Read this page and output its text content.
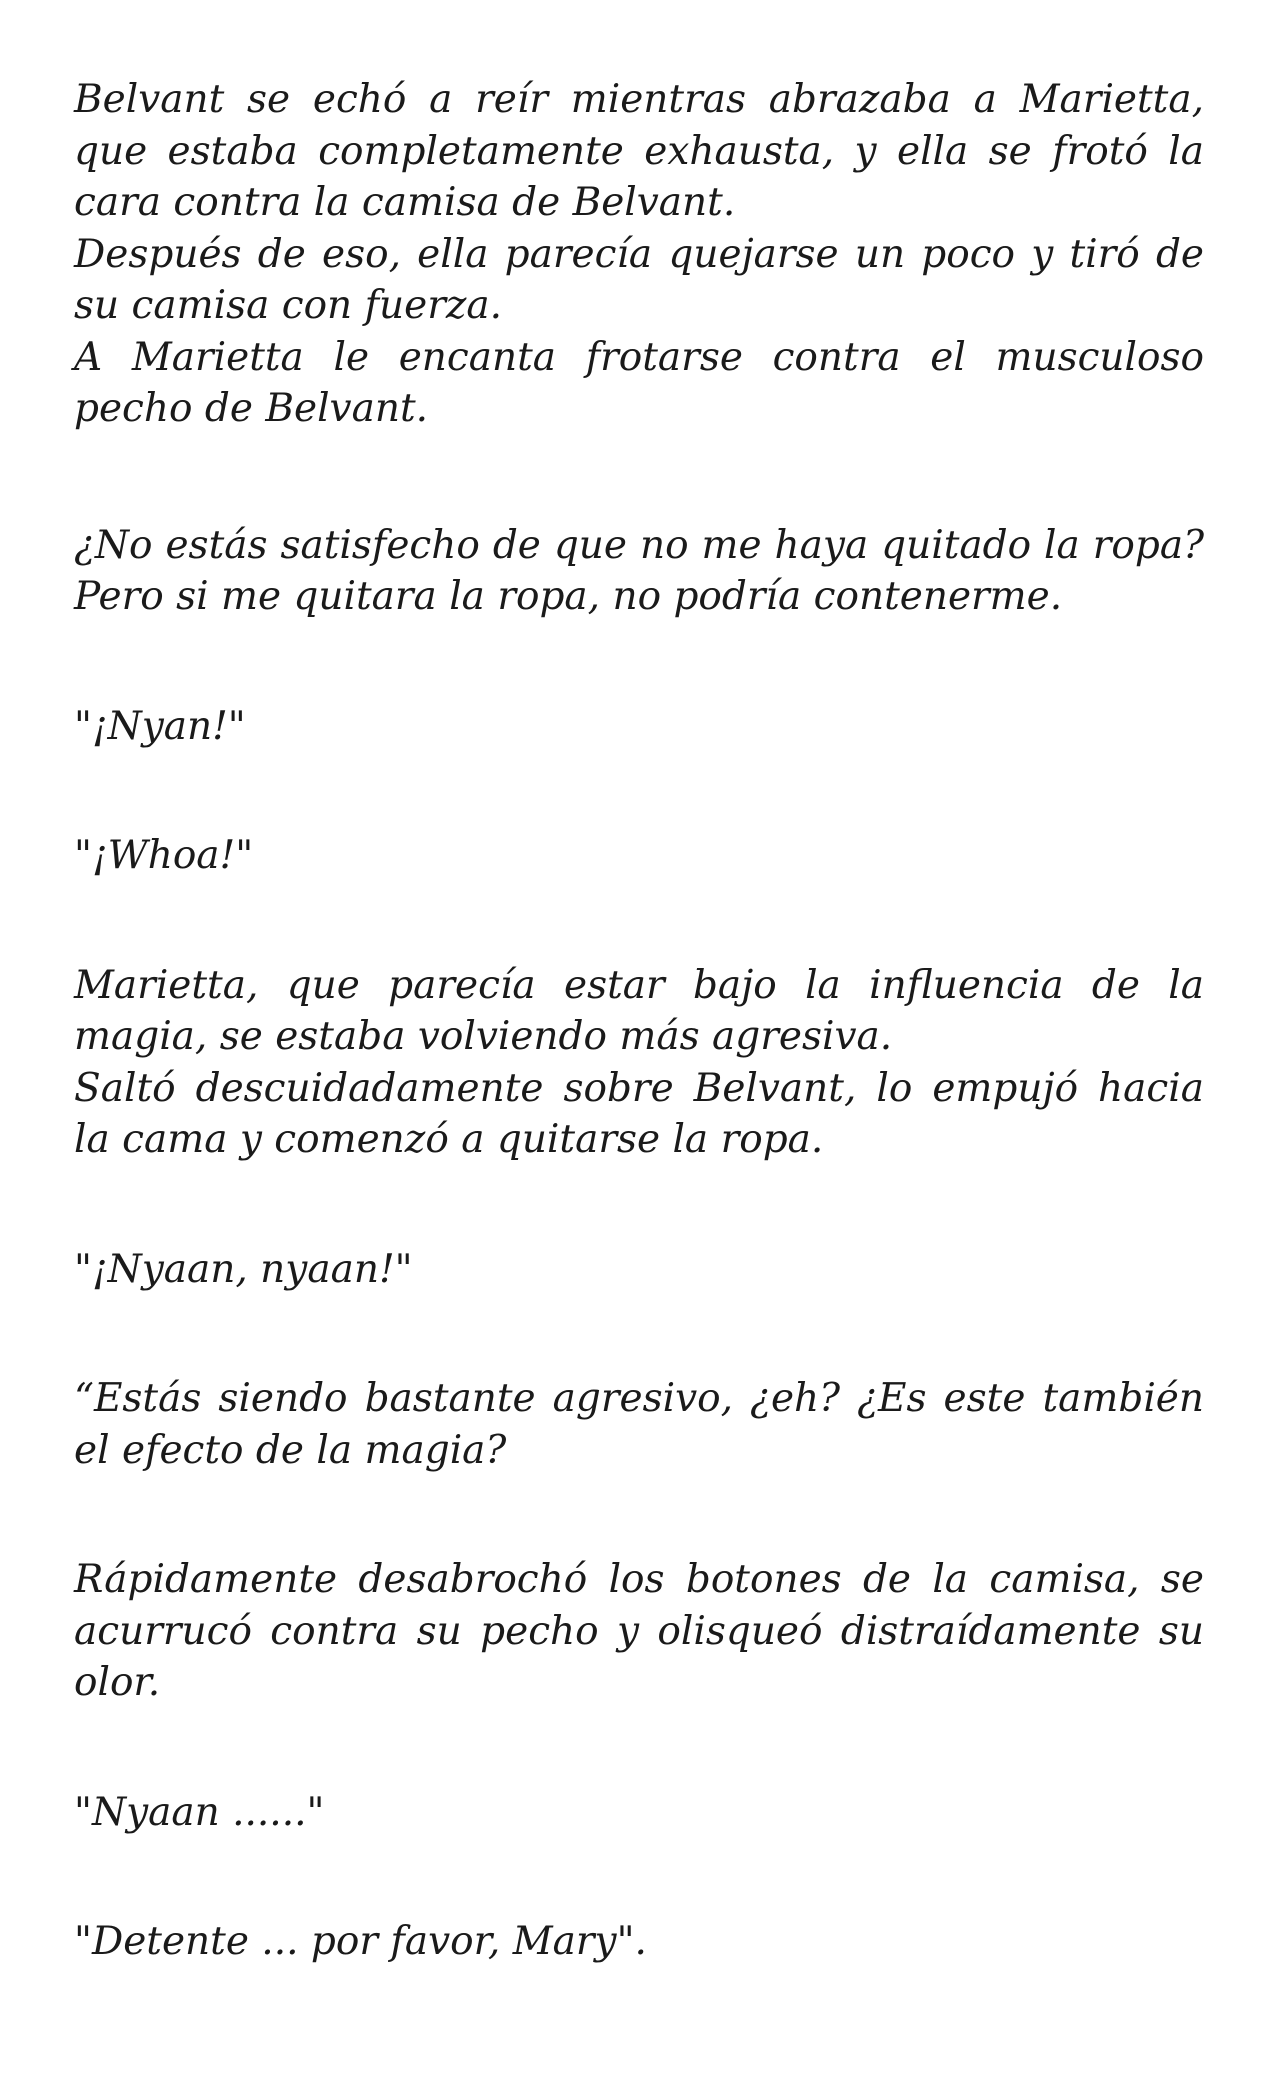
Belvant se echó a reír mientras abrazaba a Marietta, que estaba completamente exhausta, y ella se frotó la cara contra la camisa de Belvant.
Después de eso, ella parecía quejarse un poco y tiró de su camisa con fuerza.
A Marietta le encanta frotarse contra el musculoso pecho de Belvant.
¿No estás satisfecho de que no me haya quitado la ropa? Pero si me quitara la ropa, no podría contenerme.
"¡Nyan!"
"¡Whoa!"
Marietta, que parecía estar bajo la influencia de la magia, se estaba volviendo más agresiva.
Saltó descuidadamente sobre Belvant, lo empujó hacia la cama y comenzó a quitarse la ropa.
"¡Nyaan, nyaan!"
“Estás siendo bastante agresivo, ¿eh? ¿Es este también el efecto de la magia?
Rápidamente desabrochó los botones de la camisa, se acurrucó contra su pecho y olisqueó distraídamente su olor.
"Nyaan ......"
"Detente ... por favor, Mary".
